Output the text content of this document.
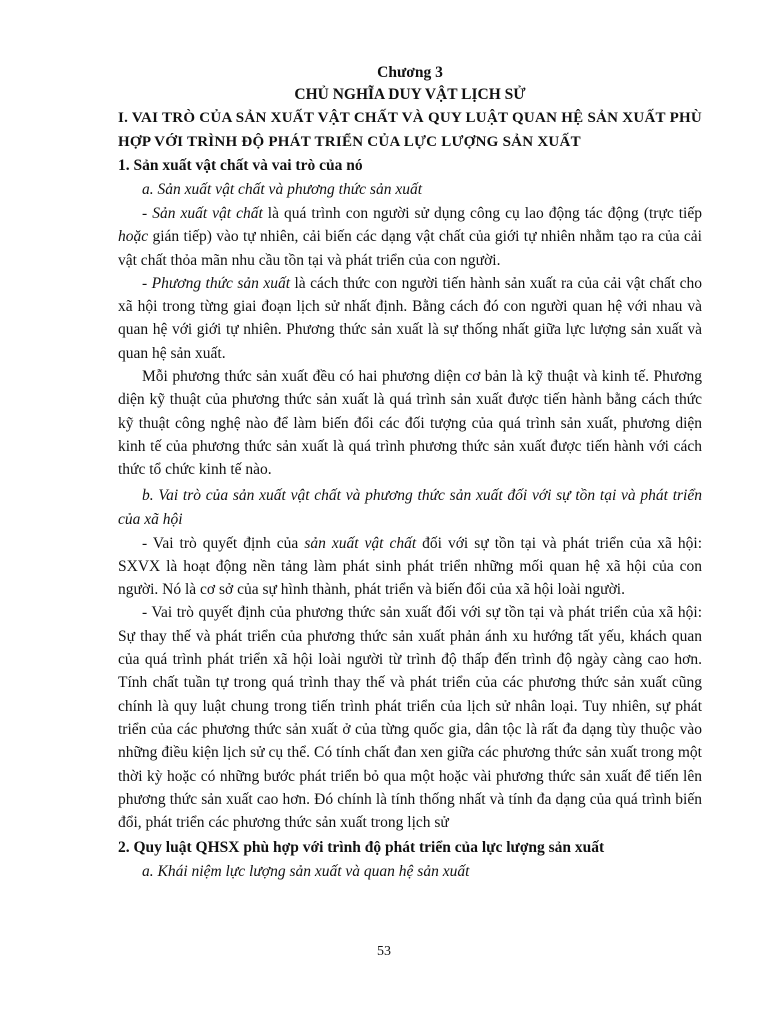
Chương 3
CHỦ NGHĨA DUY VẬT LỊCH SỬ
I. VAI TRÒ CỦA SẢN XUẤT VẬT CHẤT VÀ QUY LUẬT QUAN HỆ SẢN XUẤT PHÙ HỢP VỚI TRÌNH ĐỘ PHÁT TRIỂN CỦA LỰC LƯỢNG SẢN XUẤT
1. Sản xuất vật chất và vai trò của nó
a. Sản xuất vật chất và phương thức sản xuất

- Sản xuất vật chất là quá trình con người sử dụng công cụ lao động tác động (trực tiếp hoặc gián tiếp) vào tự nhiên, cải biến các dạng vật chất của giới tự nhiên nhằm tạo ra của cải vật chất thỏa mãn nhu cầu tồn tại và phát triển của con người.

- Phương thức sản xuất là cách thức con người tiến hành sản xuất ra của cải vật chất cho xã hội trong từng giai đoạn lịch sử nhất định. Bằng cách đó con người quan hệ với nhau và quan hệ với giới tự nhiên. Phương thức sản xuất là sự thống nhất giữa lực lượng sản xuất và quan hệ sản xuất.

Mỗi phương thức sản xuất đều có hai phương diện cơ bản là kỹ thuật và kinh tế. Phương diện kỹ thuật của phương thức sản xuất là quá trình sản xuất được tiến hành bằng cách thức kỹ thuật công nghệ nào để làm biến đổi các đối tượng của quá trình sản xuất, phương diện kinh tế của phương thức sản xuất là quá trình phương thức sản xuất được tiến hành với cách thức tổ chức kinh tế nào.

b. Vai trò của sản xuất vật chất và phương thức sản xuất đối với sự tồn tại và phát triển của xã hội

- Vai trò quyết định của sản xuất vật chất đối với sự tồn tại và phát triển của xã hội: SXVX là hoạt động nền tảng làm phát sinh phát triển những mối quan hệ xã hội của con người. Nó là cơ sở của sự hình thành, phát triển và biến đổi của xã hội loài người.

- Vai trò quyết định của phương thức sản xuất đối với sự tồn tại và phát triển của xã hội: Sự thay thế và phát triển của phương thức sản xuất phản ánh xu hướng tất yếu, khách quan của quá trình phát triển xã hội loài người từ trình độ thấp đến trình độ ngày càng cao hơn. Tính chất tuần tự trong quá trình thay thế và phát triển của các phương thức sản xuất cũng chính là quy luật chung trong tiến trình phát triển của lịch sử nhân loại. Tuy nhiên, sự phát triển của các phương thức sản xuất ở của từng quốc gia, dân tộc là rất đa dạng tùy thuộc vào những điều kiện lịch sử cụ thể. Có tính chất đan xen giữa các phương thức sản xuất trong một thời kỳ hoặc có những bước phát triển bỏ qua một hoặc vài phương thức sản xuất để tiến lên phương thức sản xuất cao hơn. Đó chính là tính thống nhất và tính đa dạng của quá trình biến đổi, phát triển các phương thức sản xuất trong lịch sử

2. Quy luật QHSX phù hợp với trình độ phát triển của lực lượng sản xuất
a. Khái niệm lực lượng sản xuất và quan hệ sản xuất
53
